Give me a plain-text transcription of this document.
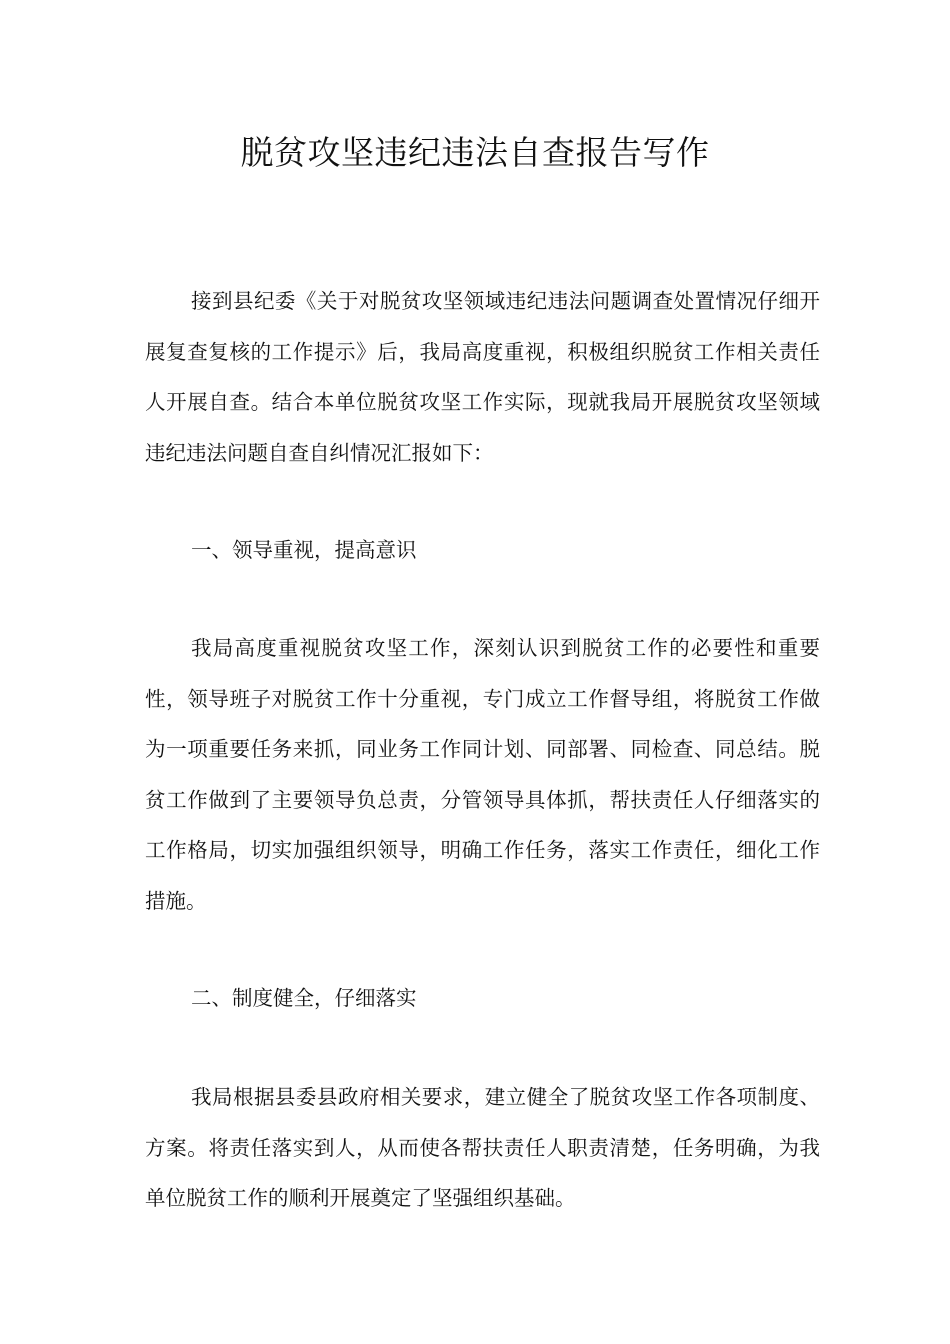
脱贫攻坚违纪违法自查报告写作

接到县纪委《关于对脱贫攻坚领域违纪违法问题调查处置情况仔细开展复查复核的工作提示》后，我局高度重视，积极组织脱贫工作相关责任人开展自查。结合本单位脱贫攻坚工作实际，现就我局开展脱贫攻坚领域违纪违法问题自查自纠情况汇报如下：

一、领导重视，提高意识

我局高度重视脱贫攻坚工作，深刻认识到脱贫工作的必要性和重要性，领导班子对脱贫工作十分重视，专门成立工作督导组，将脱贫工作做为一项重要任务来抓，同业务工作同计划、同部署、同检查、同总结。脱贫工作做到了主要领导负总责，分管领导具体抓，帮扶责任人仔细落实的工作格局，切实加强组织领导，明确工作任务，落实工作责任，细化工作措施。

二、制度健全，仔细落实

我局根据县委县政府相关要求，建立健全了脱贫攻坚工作各项制度、方案。将责任落实到人，从而使各帮扶责任人职责清楚，任务明确，为我单位脱贫工作的顺利开展奠定了坚强组织基础。
